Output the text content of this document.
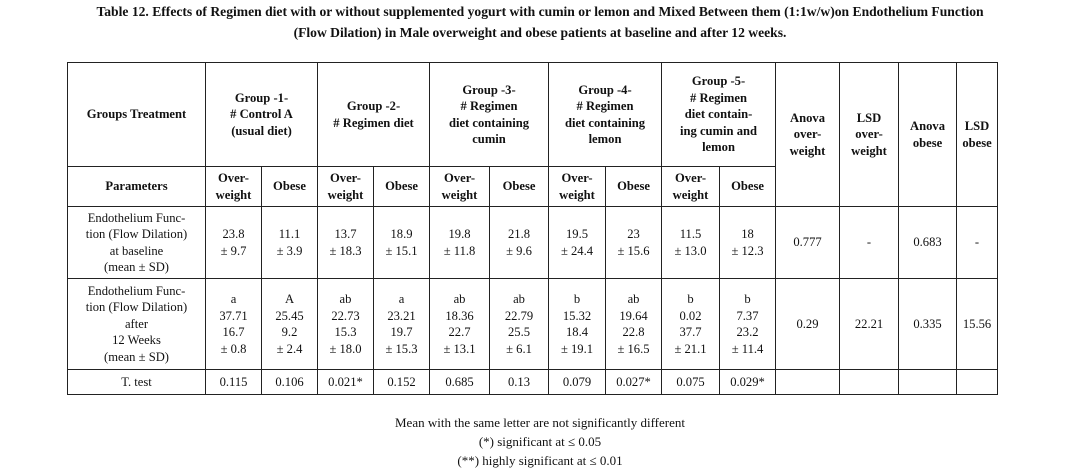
Table 12. Effects of Regimen diet with or without supplemented yogurt with cumin or lemon and Mixed Between them (1:1w/w)on Endothelium Function
(Flow Dilation) in Male overweight and obese patients at baseline and after 12 weeks.
Groups Treatment	Group -1-
# Control A
(usual diet)		Group -2-
# Regimen diet		Group -3-
# Regimen
diet containing
cumin		Group -4-
# Regimen
diet containing
lemon		Group -5-
# Regimen
diet contain-
ing cumin and
lemon		Anova
over-
weight	LSD
over-
weight	Anova
obese	LSD
obese

Parameters	Over-
weight	Obese	Over-
weight	Obese	Over-
weight	Obese	Over-
weight	Obese	Over-
weight	Obese				

Endothelium Func-
tion (Flow Dilation)
at baseline
(mean ± SD)	23.8
± 9.7	11.1
± 3.9	13.7
± 18.3	18.9
± 15.1	19.8
± 11.8	21.8
± 9.6	19.5
± 24.4	23
± 15.6	11.5
± 13.0	18
± 12.3	0.777	-	0.683	-

Endothelium Func-
tion (Flow Dilation)
after
12 Weeks
(mean ± SD)	a
37.71
16.7
± 0.8	A
25.45
9.2
± 2.4	ab
22.73
15.3
± 18.0	a
23.21
19.7
± 15.3	ab
18.36
22.7
± 13.1	ab
22.79
25.5
± 6.1	b
15.32
18.4
± 19.1	ab
19.64
22.8
± 16.5	b
0.02
37.7
± 21.1	b
7.37
23.2
± 11.4	0.29	22.21	0.335	15.56
T. test	0.115	0.106	0.021*	0.152	0.685	0.13	0.079	0.027*	0.075	0.029*				
Mean with the same letter are not significantly different
(*) significant at ≤ 0.05
(**) highly significant at ≤ 0.01
